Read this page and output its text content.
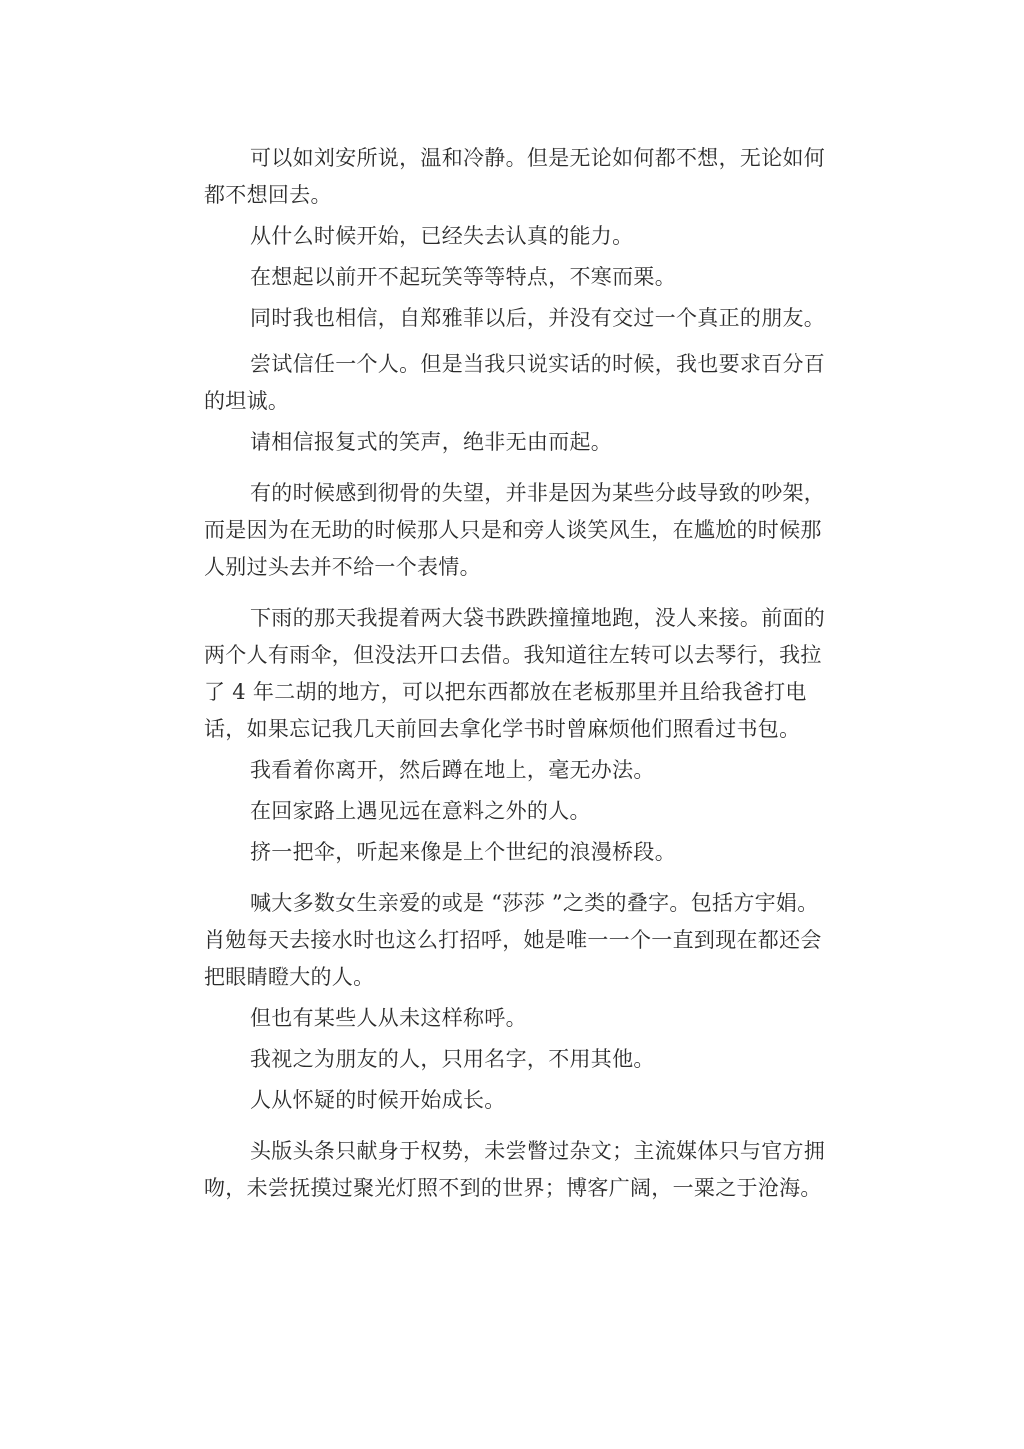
可以如刘安所说，温和冷静。但是无论如何都不想，无论如何都不想回去。

从什么时候开始，已经失去认真的能力。

在想起以前开不起玩笑等等特点，不寒而栗。

同时我也相信，自郑雅菲以后，并没有交过一个真正的朋友。

尝试信任一个人。但是当我只说实话的时候，我也要求百分百的坦诚。

请相信报复式的笑声，绝非无由而起。

有的时候感到彻骨的失望，并非是因为某些分歧导致的吵架，而是因为在无助的时候那人只是和旁人谈笑风生，在尴尬的时候那人别过头去并不给一个表情。

下雨的那天我提着两大袋书跌跌撞撞地跑，没人来接。前面的两个人有雨伞，但没法开口去借。我知道往左转可以去琴行，我拉了 4 年二胡的地方，可以把东西都放在老板那里并且给我爸打电话，如果忘记我几天前回去拿化学书时曾麻烦他们照看过书包。

我看着你离开，然后蹲在地上，毫无办法。

在回家路上遇见远在意料之外的人。

挤一把伞，听起来像是上个世纪的浪漫桥段。

喊大多数女生亲爱的或是 “莎莎 ”之类的叠字。包括方宇娟。肖勉每天去接水时也这么打招呼，她是唯一一个一直到现在都还会把眼睛瞪大的人。

但也有某些人从未这样称呼。

我视之为朋友的人，只用名字，不用其他。

人从怀疑的时候开始成长。

头版头条只献身于权势，未尝瞥过杂文；主流媒体只与官方拥吻，未尝抚摸过聚光灯照不到的世界；博客广阔，一粟之于沧海。
